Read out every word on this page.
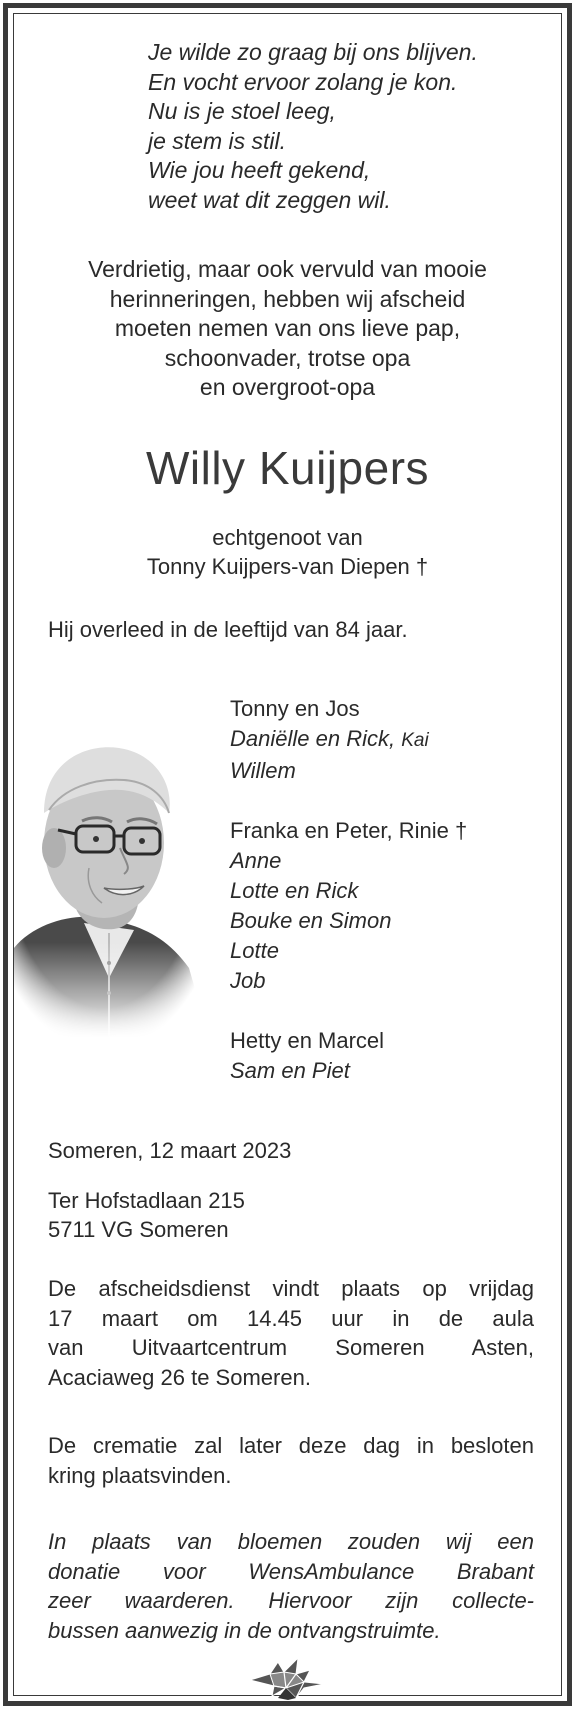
Je wilde zo graag bij ons blijven.
En vocht ervoor zolang je kon.
Nu is je stoel leeg,
je stem is stil.
Wie jou heeft gekend,
weet wat dit zeggen wil.
Verdrietig, maar ook vervuld van mooie
herinneringen, hebben wij afscheid
moeten nemen van ons lieve pap,
schoonvader, trotse opa
en overgroot-opa
Willy Kuijpers
echtgenoot van
Tonny Kuijpers-van Diepen †
Hij overleed in de leeftijd van 84 jaar.
Tonny en Jos
Daniëlle en Rick, Kai
Willem
Franka en Peter, Rinie †
Anne
Lotte en Rick
Bouke en Simon
Lotte
Job
Hetty en Marcel
Sam en Piet
Someren, 12 maart 2023
Ter Hofstadlaan 215
5711 VG Someren
De afscheidsdienst vindt plaats op vrijdag
17 maart om 14.45 uur in de aula
van Uitvaartcentrum Someren Asten,
Acaciaweg 26 te Someren.
De crematie zal later deze dag in besloten
kring plaatsvinden.
In plaats van bloemen zouden wij een
donatie voor WensAmbulance Brabant
zeer waarderen. Hiervoor zijn collecte-
bussen aanwezig in de ontvangstruimte.
